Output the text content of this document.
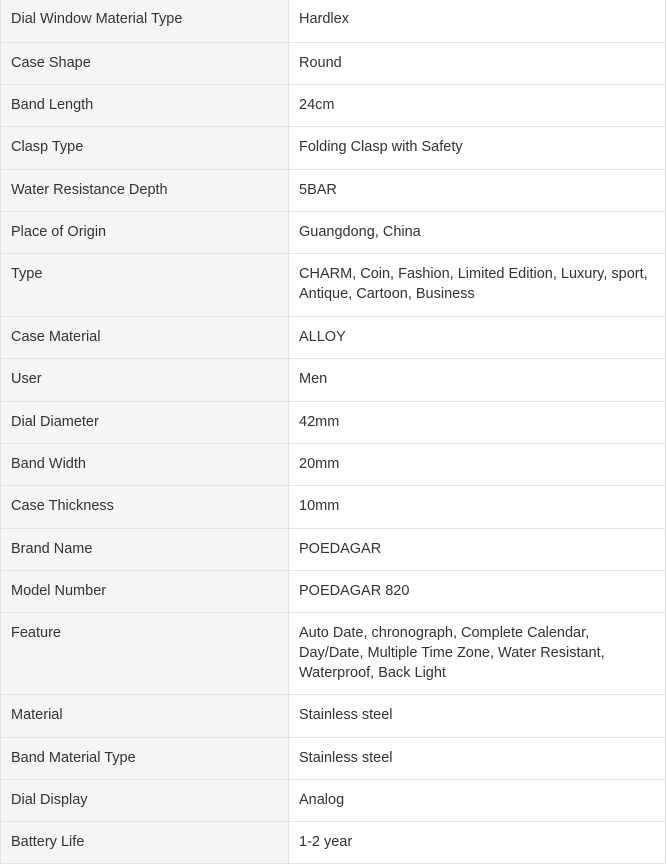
Dial Window Material Type	Hardlex
Case Shape	Round
Band Length	24cm
Clasp Type	Folding Clasp with Safety
Water Resistance Depth	5BAR
Place of Origin	Guangdong, China
Type	CHARM, Coin, Fashion, Limited Edition, Luxury, sport, Antique, Cartoon, Business
Case Material	ALLOY
User	Men
Dial Diameter	42mm
Band Width	20mm
Case Thickness	10mm
Brand Name	POEDAGAR
Model Number	POEDAGAR 820
Feature	Auto Date, chronograph, Complete Calendar, Day/Date, Multiple Time Zone, Water Resistant, Waterproof, Back Light
Material	Stainless steel
Band Material Type	Stainless steel
Dial Display	Analog
Battery Life	1-2 year
